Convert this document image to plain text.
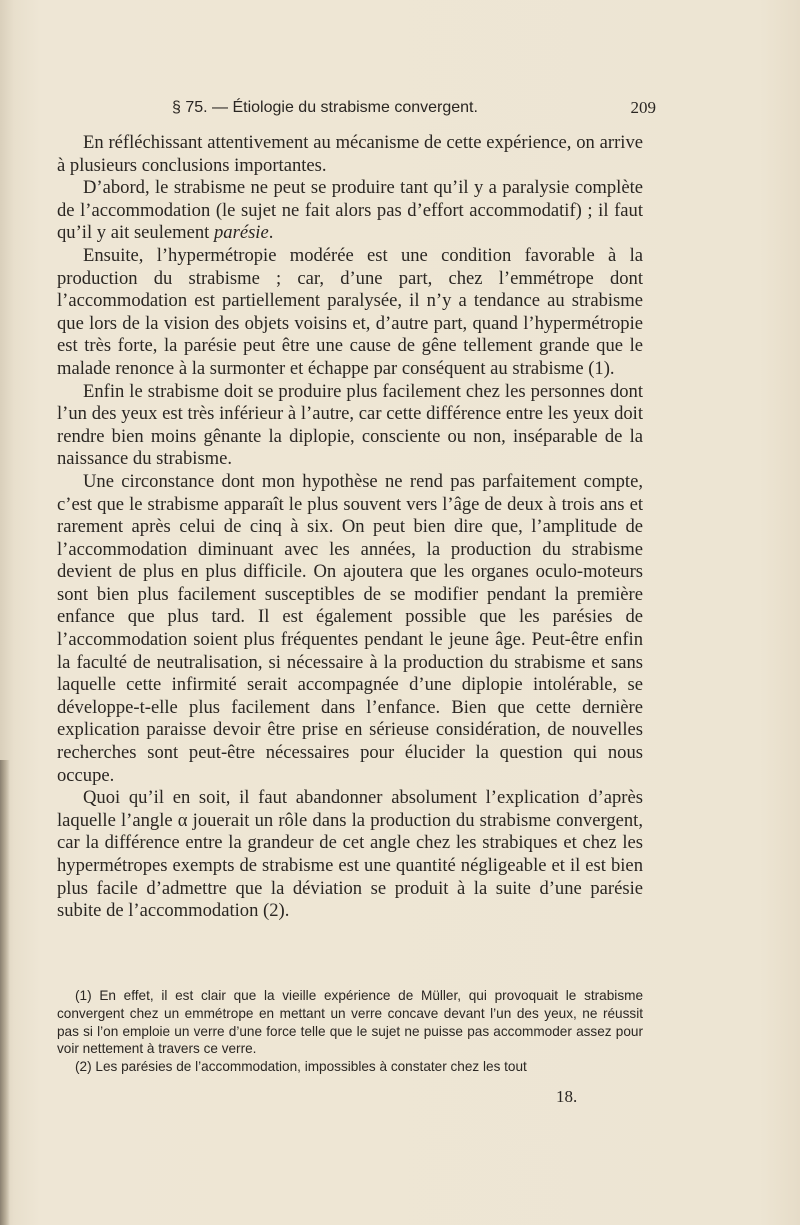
§ 75. — Étiologie du strabisme convergent.	209

En réfléchissant attentivement au mécanisme de cette expérience, on arrive à plusieurs conclusions importantes.

D’abord, le strabisme ne peut se produire tant qu’il y a paralysie complète de l’accommodation (le sujet ne fait alors pas d’effort accommodatif) ; il faut qu’il y ait seulement parésie.

Ensuite, l’hypermétropie modérée est une condition favorable à la production du strabisme ; car, d’une part, chez l’emmétrope dont l’accommodation est partiellement paralysée, il n’y a tendance au strabisme que lors de la vision des objets voisins et, d’autre part, quand l’hypermétropie est très forte, la parésie peut être une cause de gêne tellement grande que le malade renonce à la surmonter et échappe par conséquent au strabisme (1).

Enfin le strabisme doit se produire plus facilement chez les personnes dont l’un des yeux est très inférieur à l’autre, car cette différence entre les yeux doit rendre bien moins gênante la diplopie, consciente ou non, inséparable de la naissance du strabisme.

Une circonstance dont mon hypothèse ne rend pas parfaitement compte, c’est que le strabisme apparaît le plus souvent vers l’âge de deux à trois ans et rarement après celui de cinq à six. On peut bien dire que, l’amplitude de l’accommodation diminuant avec les années, la production du strabisme devient de plus en plus difficile. On ajoutera que les organes oculo-moteurs sont bien plus facilement susceptibles de se modifier pendant la première enfance que plus tard. Il est également possible que les parésies de l’accommodation soient plus fréquentes pendant le jeune âge. Peut-être enfin la faculté de neutralisation, si nécessaire à la production du strabisme et sans laquelle cette infirmité serait accompagnée d’une diplopie intolérable, se développe-t-elle plus facilement dans l’enfance. Bien que cette dernière explication paraisse devoir être prise en sérieuse considération, de nouvelles recherches sont peut-être nécessaires pour élucider la question qui nous occupe.

Quoi qu’il en soit, il faut abandonner absolument l’explication d’après laquelle l’angle α jouerait un rôle dans la production du strabisme convergent, car la différence entre la grandeur de cet angle chez les strabiques et chez les hypermétropes exempts de strabisme est une quantité négligeable et il est bien plus facile d’admettre que la déviation se produit à la suite d’une parésie subite de l’accommodation (2).

(1) En effet, il est clair que la vieille expérience de Müller, qui provoquait le strabisme convergent chez un emmétrope en mettant un verre concave devant l’un des yeux, ne réussit pas si l’on emploie un verre d’une force telle que le sujet ne puisse pas accommoder assez pour voir nettement à travers ce verre.

(2) Les parésies de l’accommodation, impossibles à constater chez les tout

18.
